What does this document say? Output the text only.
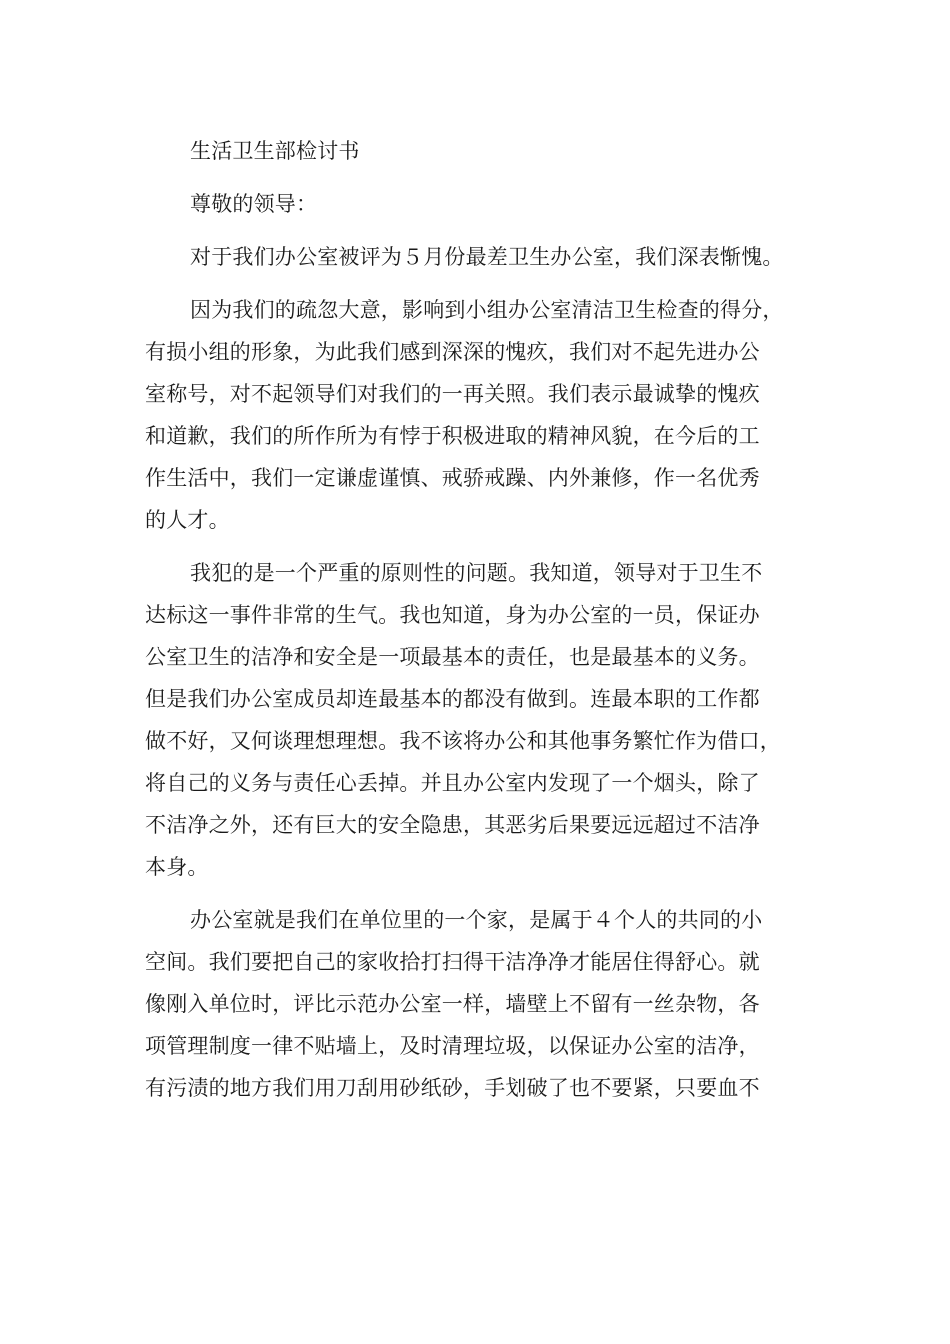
生活卫生部检讨书
尊敬的领导：
对于我们办公室被评为５月份最差卫生办公室，我们深表惭愧。
因为我们的疏忽大意，影响到小组办公室清洁卫生检查的得分，
有损小组的形象，为此我们感到深深的愧疚，我们对不起先进办公
室称号，对不起领导们对我们的一再关照。我们表示最诚挚的愧疚
和道歉，我们的所作所为有悖于积极进取的精神风貌，在今后的工
作生活中，我们一定谦虚谨慎、戒骄戒躁、内外兼修，作一名优秀
的人才。
我犯的是一个严重的原则性的问题。我知道，领导对于卫生不
达标这一事件非常的生气。我也知道，身为办公室的一员，保证办
公室卫生的洁净和安全是一项最基本的责任，也是最基本的义务。
但是我们办公室成员却连最基本的都没有做到。连最本职的工作都
做不好，又何谈理想理想。我不该将办公和其他事务繁忙作为借口，
将自己的义务与责任心丢掉。并且办公室内发现了一个烟头，除了
不洁净之外，还有巨大的安全隐患，其恶劣后果要远远超过不洁净
本身。
办公室就是我们在单位里的一个家，是属于４个人的共同的小
空间。我们要把自己的家收拾打扫得干洁净净才能居住得舒心。就
像刚入单位时，评比示范办公室一样，墙壁上不留有一丝杂物，各
项管理制度一律不贴墙上，及时清理垃圾，以保证办公室的洁净，
有污渍的地方我们用刀刮用砂纸砂，手划破了也不要紧，只要血不
